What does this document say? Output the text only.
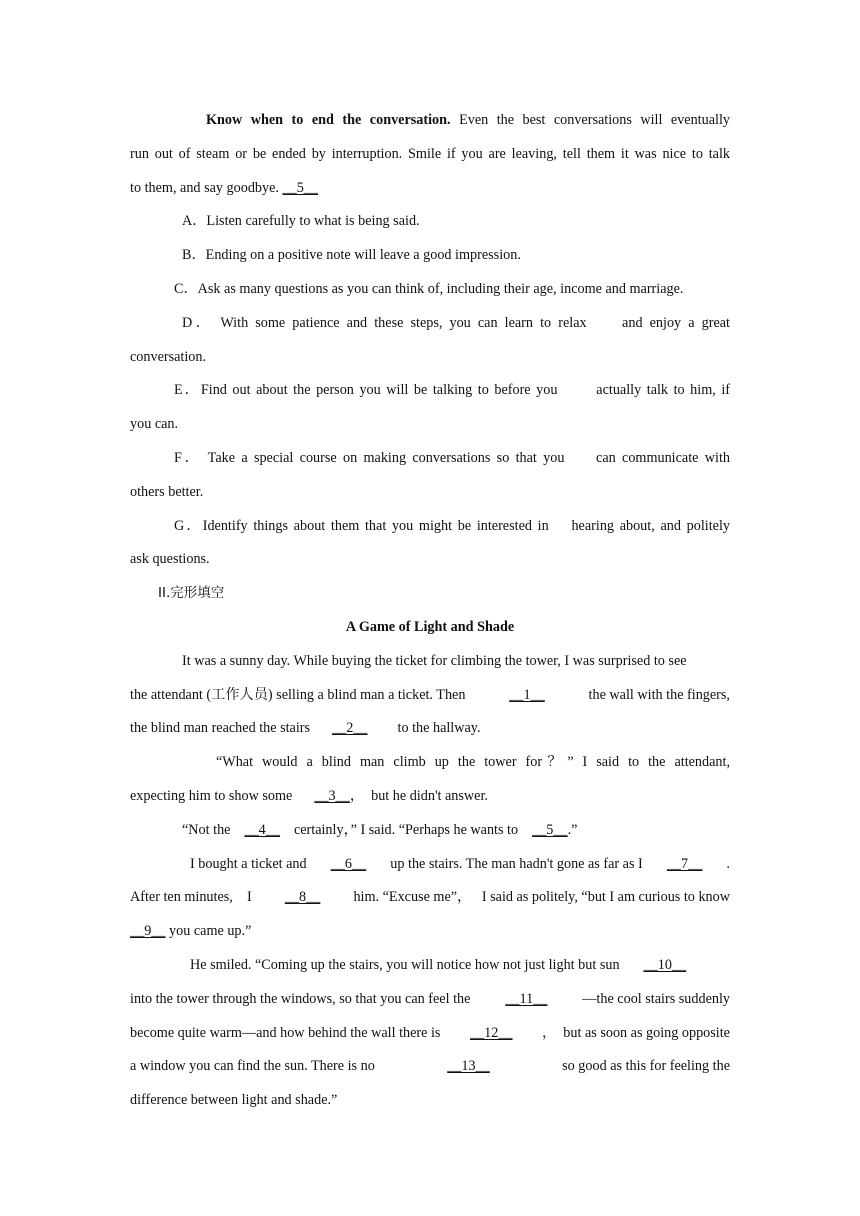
Know when to end the conversation. Even the best conversations will eventually
run out of steam or be ended by interruption. Smile if you are leaving, tell them it was nice to talk
to them, and say goodbye. __5__
A．Listen carefully to what is being said.
B．Ending on a positive note will leave a good impression.
C．Ask as many questions as you can think of, including their age, income and marriage.
D． With some patience and these steps, you can learn to relax     and enjoy a great
conversation.
E．Find out about the person you will be talking to before you       actually talk to him, if
you can.
F． Take a special course on making conversations so that you     can communicate with
others better.
G．Identify things about them that you might be interested in    hearing about, and politely
ask questions.
II.完形填空
A Game of Light and Shade
It was a sunny day. While buying the ticket for climbing the tower, I was surprised to see
the attendant (工作人员) selling a blind man a ticket. Then	__1__	the wall with the fingers,
the blind man reached the stairs __2__ to the hallway.
“What would a blind man climb up the tower for？” I said to the attendant,
expecting him to show some __3__，  but he didn't answer.
“Not the __4__ certainly，” I said. “Perhaps he wants to __5__.”
I bought a ticket and __6__ up the stairs. The man hadn't gone as far as I __7__ .
After ten minutes,    I __8__ him. “Excuse me”，   I said as politely, “but I am curious to know
__9__ you came up.”
He smiled. “Coming up the stairs, you will notice how not just light but sun __10__
into the tower through the windows, so that you can feel the __11__ —the cool stairs suddenly
become quite warm—and how behind the wall there is __12__ ，  but as soon as going opposite
a window you can find the sun. There is no	__13__	so good as this for feeling the
difference between light and shade.”
